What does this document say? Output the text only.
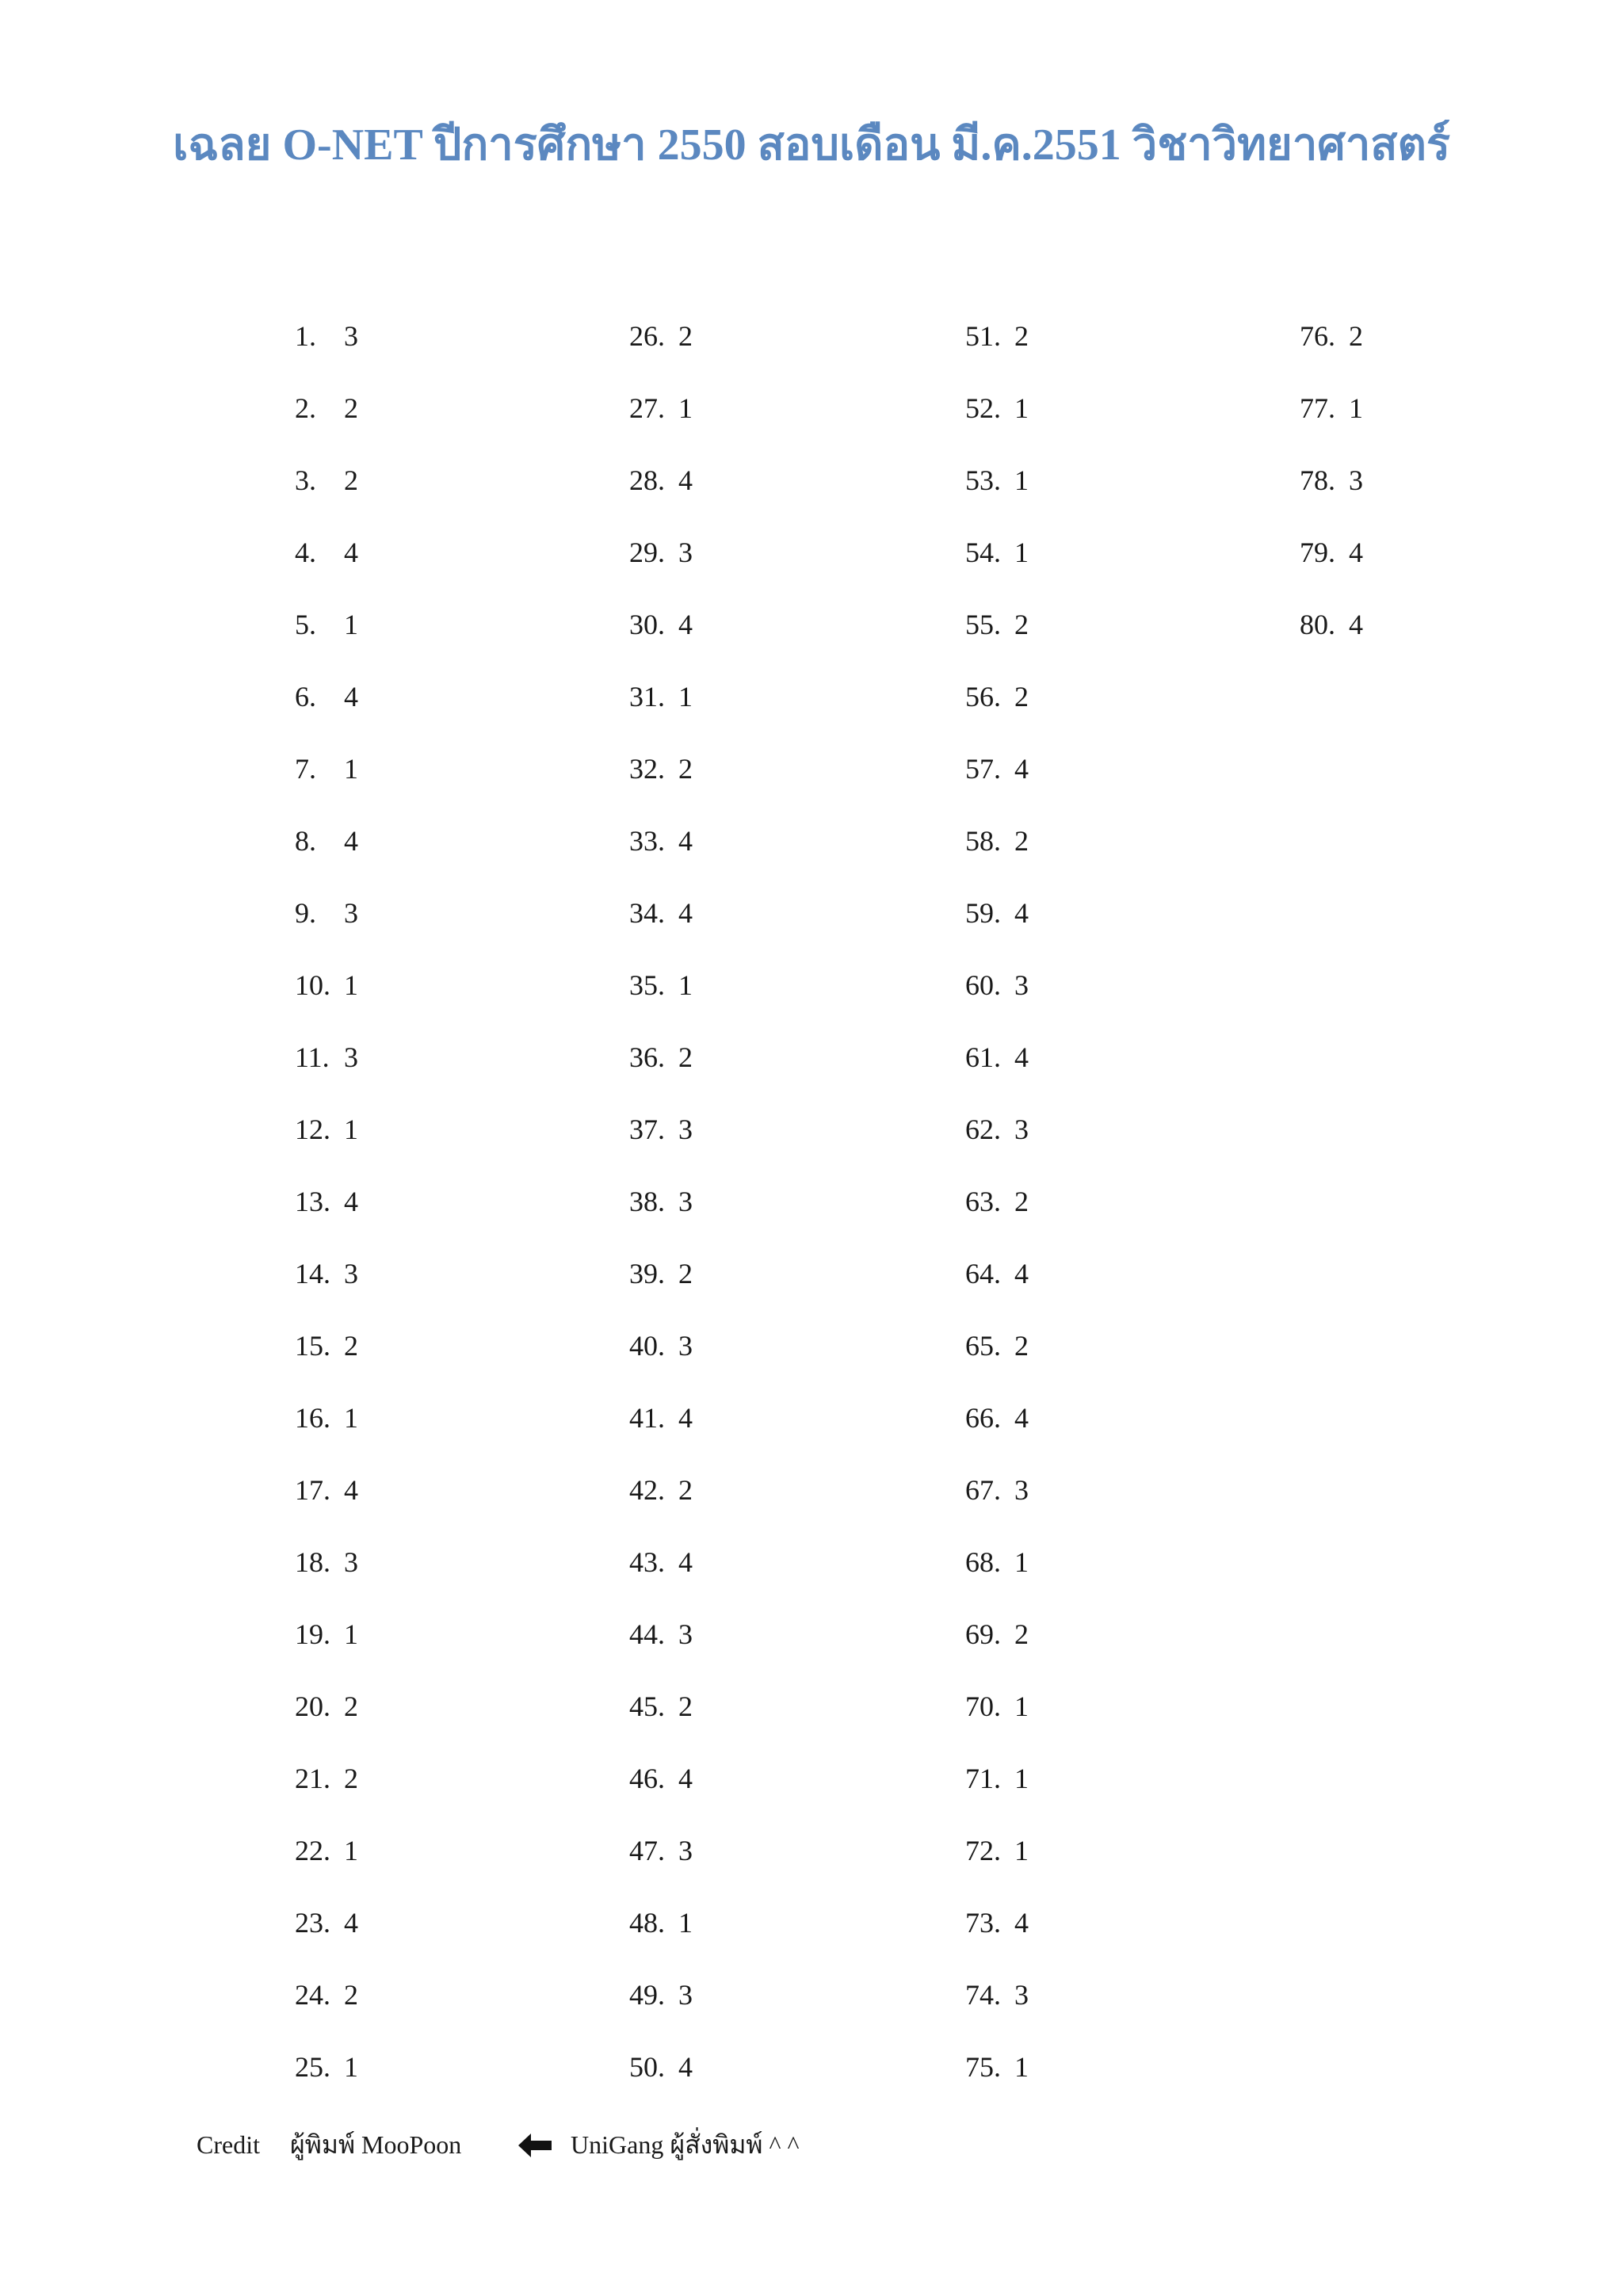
เฉลย O-NET ปีการศึกษา 2550 สอบเดือน มี.ค.2551 วิชาวิทยาศาสตร์
1. 3
2. 2
3. 2
4. 4
5. 1
6. 4
7. 1
8. 4
9. 3
10. 1
11. 3
12. 1
13. 4
14. 3
15. 2
16. 1
17. 4
18. 3
19. 1
20. 2
21. 2
22. 1
23. 4
24. 2
25. 1
26. 2
27. 1
28. 4
29. 3
30. 4
31. 1
32. 2
33. 4
34. 4
35. 1
36. 2
37. 3
38. 3
39. 2
40. 3
41. 4
42. 2
43. 4
44. 3
45. 2
46. 4
47. 3
48. 1
49. 3
50. 4
51. 2
52. 1
53. 1
54. 1
55. 2
56. 2
57. 4
58. 2
59. 4
60. 3
61. 4
62. 3
63. 2
64. 4
65. 2
66. 4
67. 3
68. 1
69. 2
70. 1
71. 1
72. 1
73. 4
74. 3
75. 1
76. 2
77. 1
78. 3
79. 4
80. 4
Credit ผู้พิมพ์ MooPoon	UniGang ผู้สั่งพิมพ์ ^ ^
